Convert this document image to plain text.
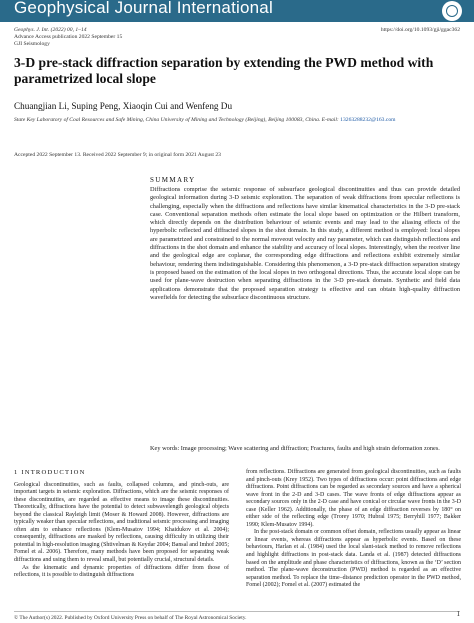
Geophysical Journal International
Geophys. J. Int. (2022) 00, 1–14
Advance Access publication 2022 September 15
GJI Seismology
https://doi.org/10.1093/gji/ggac362
3-D pre-stack diffraction separation by extending the PWD method with parametrized local slope
Chuangjian Li, Suping Peng, Xiaoqin Cui and Wenfeng Du
State Key Laboratory of Coal Resources and Safe Mining, China University of Mining and Technology (Beijing), Beijing 100083, China. E-mail: 13263288232@163.com
Accepted 2022 September 13. Received 2022 September 9; in original form 2021 August 23
SUMMARY

Diffractions comprise the seismic response of subsurface geological discontinuities and thus can provide detailed geological information during 3-D seismic exploration. The separation of weak diffractions from specular reflections is challenging, especially when the diffractions and reflections have similar kinematical characteristics in the 3-D pre-stack case. Conventional separation methods often estimate the local slope based on optimization or the Hilbert transform, which directly depends on the distribution behaviour of seismic events and may lead to the aliasing effects of the hyperbolic reflected and diffracted slopes in the shot domain. In this study, a different method is employed: local slopes are parametrized and constrained to the normal moveout velocity and ray parameter, which can distinguish reflections and diffractions in the shot domain and enhance the stability and accuracy of local slopes. Interestingly, when the receiver line and the geological edge are coplanar, the corresponding edge diffractions and reflections exhibit extremely similar behaviour, rendering them indistinguishable. Considering this phenomenon, a 3-D pre-stack diffraction separation strategy is proposed based on the estimation of the local slopes in two orthogonal directions. Thus, the accurate local slope can be used for plane-wave destruction when separating diffractions in the 3-D pre-stack domain. Synthetic and field data applications demonstrate that the proposed separation strategy is effective and can obtain high-quality diffraction wavefields for detecting the subsurface discontinuous structure.

Key words: Image processing; Wave scattering and diffraction; Fractures, faults and high strain deformation zones.
1 INTRODUCTION

Geological discontinuities, such as faults, collapsed columns, and pinch-outs, are important targets in seismic exploration. Diffractions, which are the seismic responses of these discontinuities, are regarded as effective means to image these discontinuities. Theoretically, diffractions have the potential to detect subwavelength geological objects beyond the classical Rayleigh limit (Moser & Howard 2008). However, diffractions are typically weaker than specular reflections, and traditional seismic processing and imaging often aim to enhance reflections (Klem-Musatov 1994; Khaidukov et al. 2004); consequently, diffractions are masked by reflections, causing difficulty in utilizing their potential in high-resolution imaging (Shtivelman & Keydar 2004; Bansal and Imhof 2005; Fomel et al. 2006). Therefore, many methods have been proposed for separating weak diffractions and using them to reveal small, but potentially crucial, structural details.

As the kinematic and dynamic properties of diffractions differ from those of reflections, it is possible to distinguish diffractions

from reflections. Diffractions are generated from geological discontinuities, such as faults and pinch-outs (Krey 1952). Two types of diffractions occur: point diffractions and edge diffractions. Point diffractions can be regarded as secondary sources and have a spherical wave front in the 2-D and 3-D cases. The wave fronts of edge diffractions appear as secondary sources only in the 2-D case and have conical or circular wave fronts in the 3-D case (Keller 1962). Additionally, the phase of an edge diffraction reverses by 180° on either side of the reflecting edge (Trorey 1970; Hubral 1975; Berryhill 1977; Bakker 1990; Klem-Musatov 1994).

In the post-stack domain or common offset domain, reflections usually appear as linear or linear events, whereas diffractions appear as hyperbolic events. Based on these behaviours, Harlan et al. (1984) used the local slant-stack method to remove reflections and highlight diffractions in post-stack data. Landa et al. (1987) detected diffractions based on the amplitude and phase characteristics of diffractions, known as the ‘D’ section method. The plane-wave deconstruction (PWD) method is regarded as an effective separation method. To replace the time–distance prediction operator in the PWD method, Fomel (2002); Fomel et al. (2007) estimated the

© The Author(s) 2022. Published by Oxford University Press on behalf of The Royal Astronomical Society.	1
